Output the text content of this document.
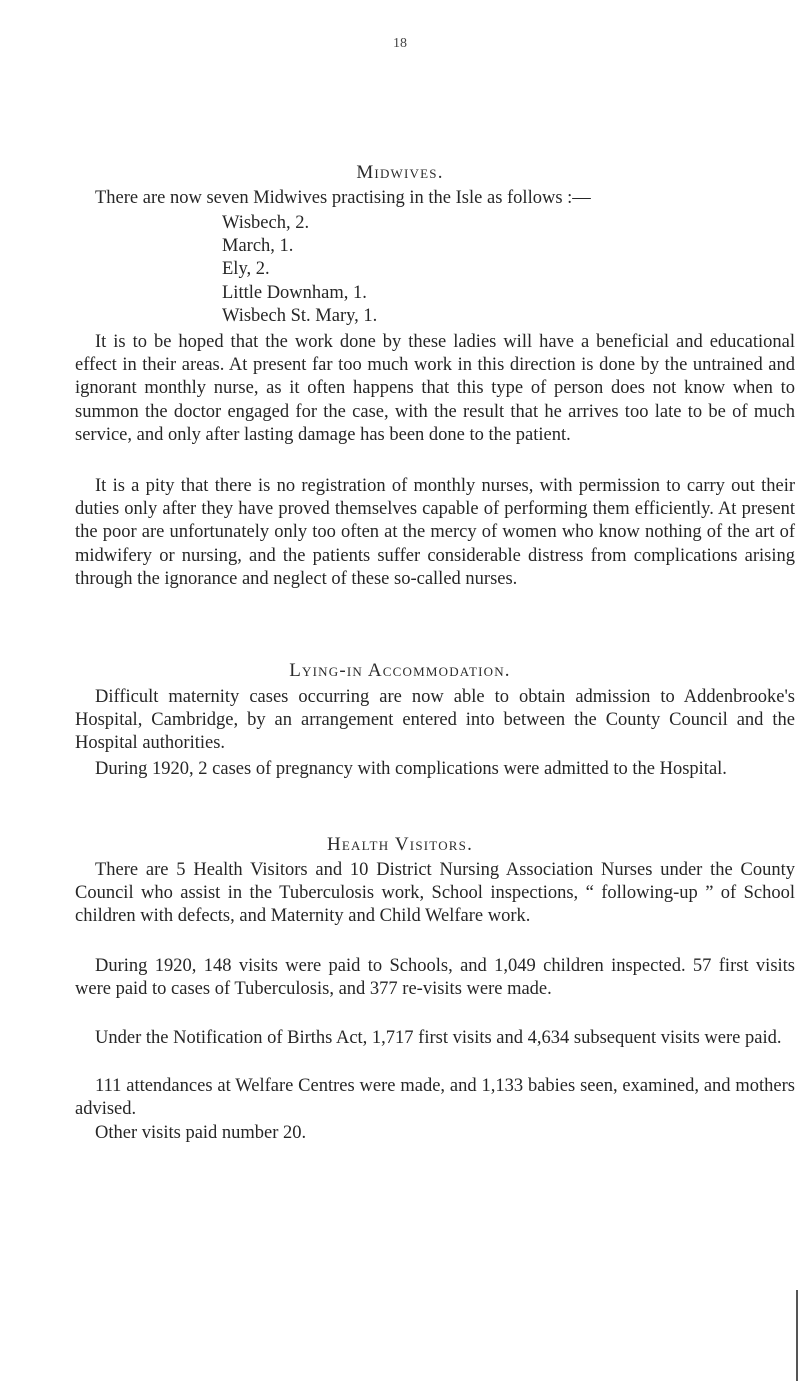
18
Midwives.

There are now seven Midwives practising in the Isle as follows :—

Wisbech, 2.
March, 1.
Ely, 2.
Little Downham, 1.
Wisbech St. Mary, 1.

It is to be hoped that the work done by these ladies will have a beneficial and educational effect in their areas. At present far too much work in this direction is done by the untrained and ignorant monthly nurse, as it often happens that this type of person does not know when to summon the doctor engaged for the case, with the result that he arrives too late to be of much service, and only after lasting damage has been done to the patient.

It is a pity that there is no registration of monthly nurses, with permission to carry out their duties only after they have proved themselves capable of performing them efficiently. At present the poor are unfortunately only too often at the mercy of women who know nothing of the art of midwifery or nursing, and the patients suffer considerable distress from complications arising through the ignorance and neglect of these so-called nurses.

Lying-in Accommodation.

Difficult maternity cases occurring are now able to obtain admission to Addenbrooke's Hospital, Cambridge, by an arrangement entered into between the County Council and the Hospital authorities.

During 1920, 2 cases of pregnancy with complications were admitted to the Hospital.

Health Visitors.

There are 5 Health Visitors and 10 District Nursing Association Nurses under the County Council who assist in the Tuberculosis work, School inspections, “ following-up ” of School children with defects, and Maternity and Child Welfare work.

During 1920, 148 visits were paid to Schools, and 1,049 children inspected. 57 first visits were paid to cases of Tuberculosis, and 377 re-visits were made.

Under the Notification of Births Act, 1,717 first visits and 4,634 subsequent visits were paid.

111 attendances at Welfare Centres were made, and 1,133 babies seen, examined, and mothers advised.

Other visits paid number 20.
